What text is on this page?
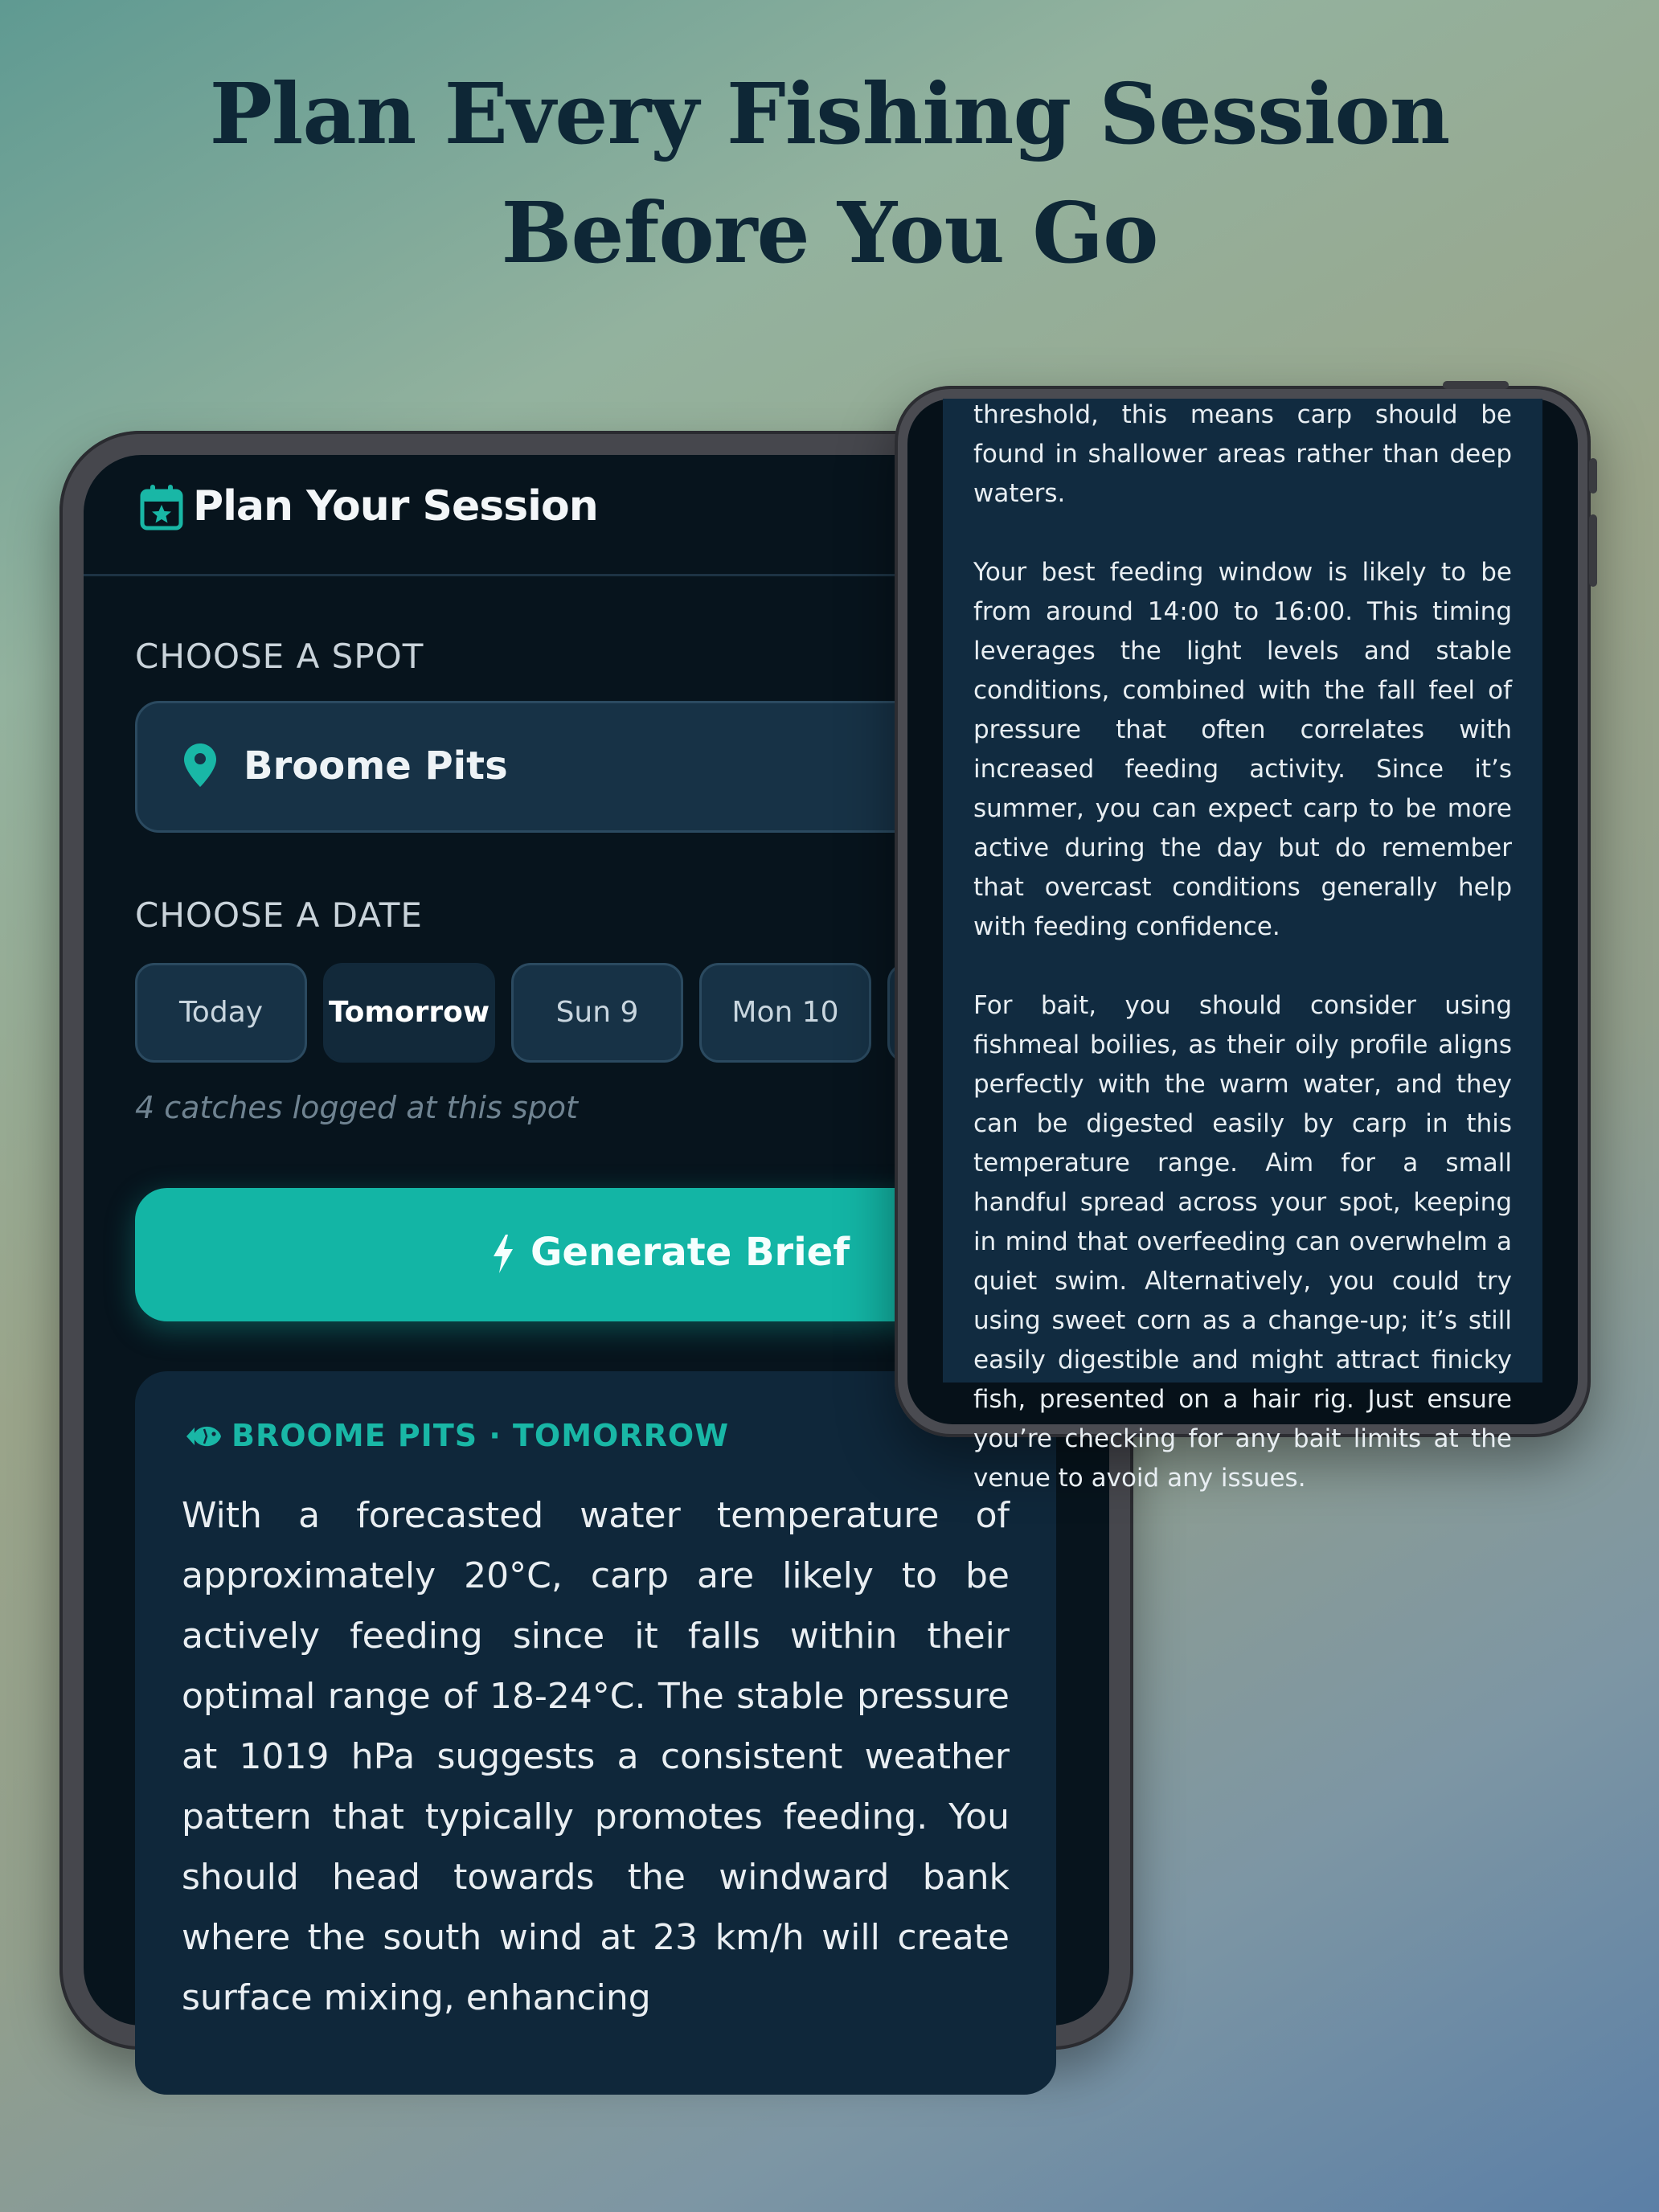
Plan Every Fishing Session
Before You Go
Plan Your Session
CHOOSE A SPOT
Broome Pits
CHOOSE A DATE
Today	Tomorrow	Sun 9	Mon 10
4 catches logged at this spot
Generate Brief
BROOME PITS · TOMORROW
With a forecasted water temperature of approximately 20°C, carp are likely to be actively feeding since it falls within their optimal range of 18-24°C. The stable pressure at 1019 hPa suggests a consistent weather pattern that typically promotes feeding. You should head towards the windward bank where the south wind at 23 km/h will create surface mixing, enhancing

threshold, this means carp should be found in shallower areas rather than deep waters.

Your best feeding window is likely to be from around 14:00 to 16:00. This timing leverages the light levels and stable conditions, combined with the fall feel of pressure that often correlates with increased feeding activity. Since it’s summer, you can expect carp to be more active during the day but do remember that overcast conditions generally help with feeding confidence.

For bait, you should consider using fishmeal boilies, as their oily profile aligns perfectly with the warm water, and they can be digested easily by carp in this temperature range. Aim for a small handful spread across your spot, keeping in mind that overfeeding can overwhelm a quiet swim. Alternatively, you could try using sweet corn as a change-up; it’s still easily digestible and might attract finicky fish, presented on a hair rig. Just ensure you’re checking for any bait limits at the venue to avoid any issues.
